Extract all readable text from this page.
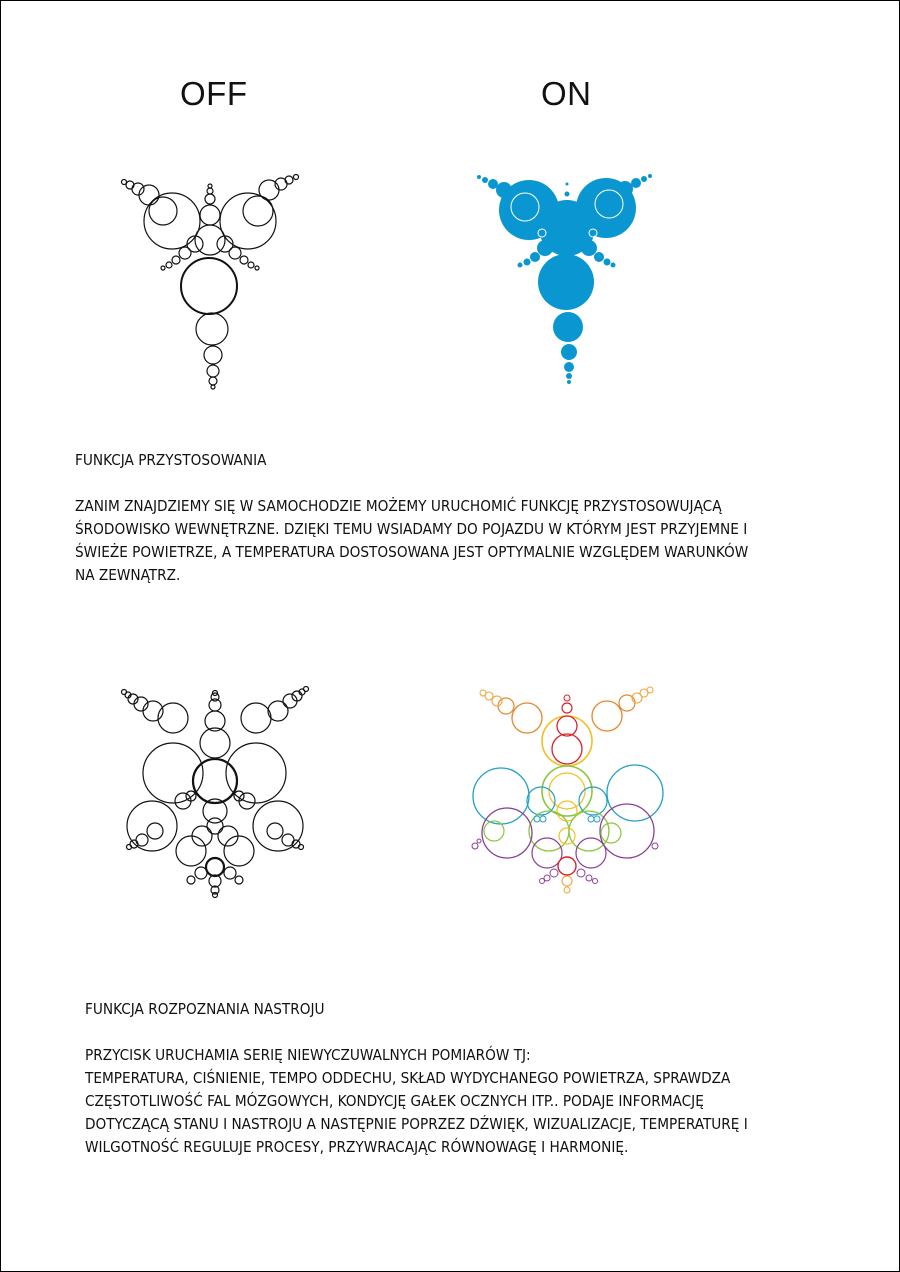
OFF	ON
FUNKCJA PRZYSTOSOWANIA
ZANIM ZNAJDZIEMY SIĘ W SAMOCHODZIE MOŻEMY URUCHOMIĆ FUNKCJĘ PRZYSTOSOWUJĄCĄ
ŚRODOWISKO WEWNĘTRZNE. DZIĘKI TEMU WSIADAMY DO POJAZDU W KTÓRYM JEST PRZYJEMNE I
ŚWIEŻE POWIETRZE, A TEMPERATURA DOSTOSOWANA JEST OPTYMALNIE WZGLĘDEM WARUNKÓW
NA ZEWNĄTRZ.
FUNKCJA ROZPOZNANIA NASTROJU
PRZYCISK URUCHAMIA SERIĘ NIEWYCZUWALNYCH POMIARÓW TJ:
TEMPERATURA, CIŚNIENIE, TEMPO ODDECHU, SKŁAD WYDYCHANEGO POWIETRZA, SPRAWDZA
CZĘSTOTLIWOŚĆ FAL MÓZGOWYCH, KONDYCJĘ GAŁEK OCZNYCH ITP.. PODAJE INFORMACJĘ
DOTYCZĄCĄ STANU I NASTROJU A NASTĘPNIE POPRZEZ DŹWIĘK, WIZUALIZACJE, TEMPERATURĘ I
WILGOTNOŚĆ REGULUJE PROCESY, PRZYWRACAJĄC RÓWNOWAGĘ I HARMONIĘ.
